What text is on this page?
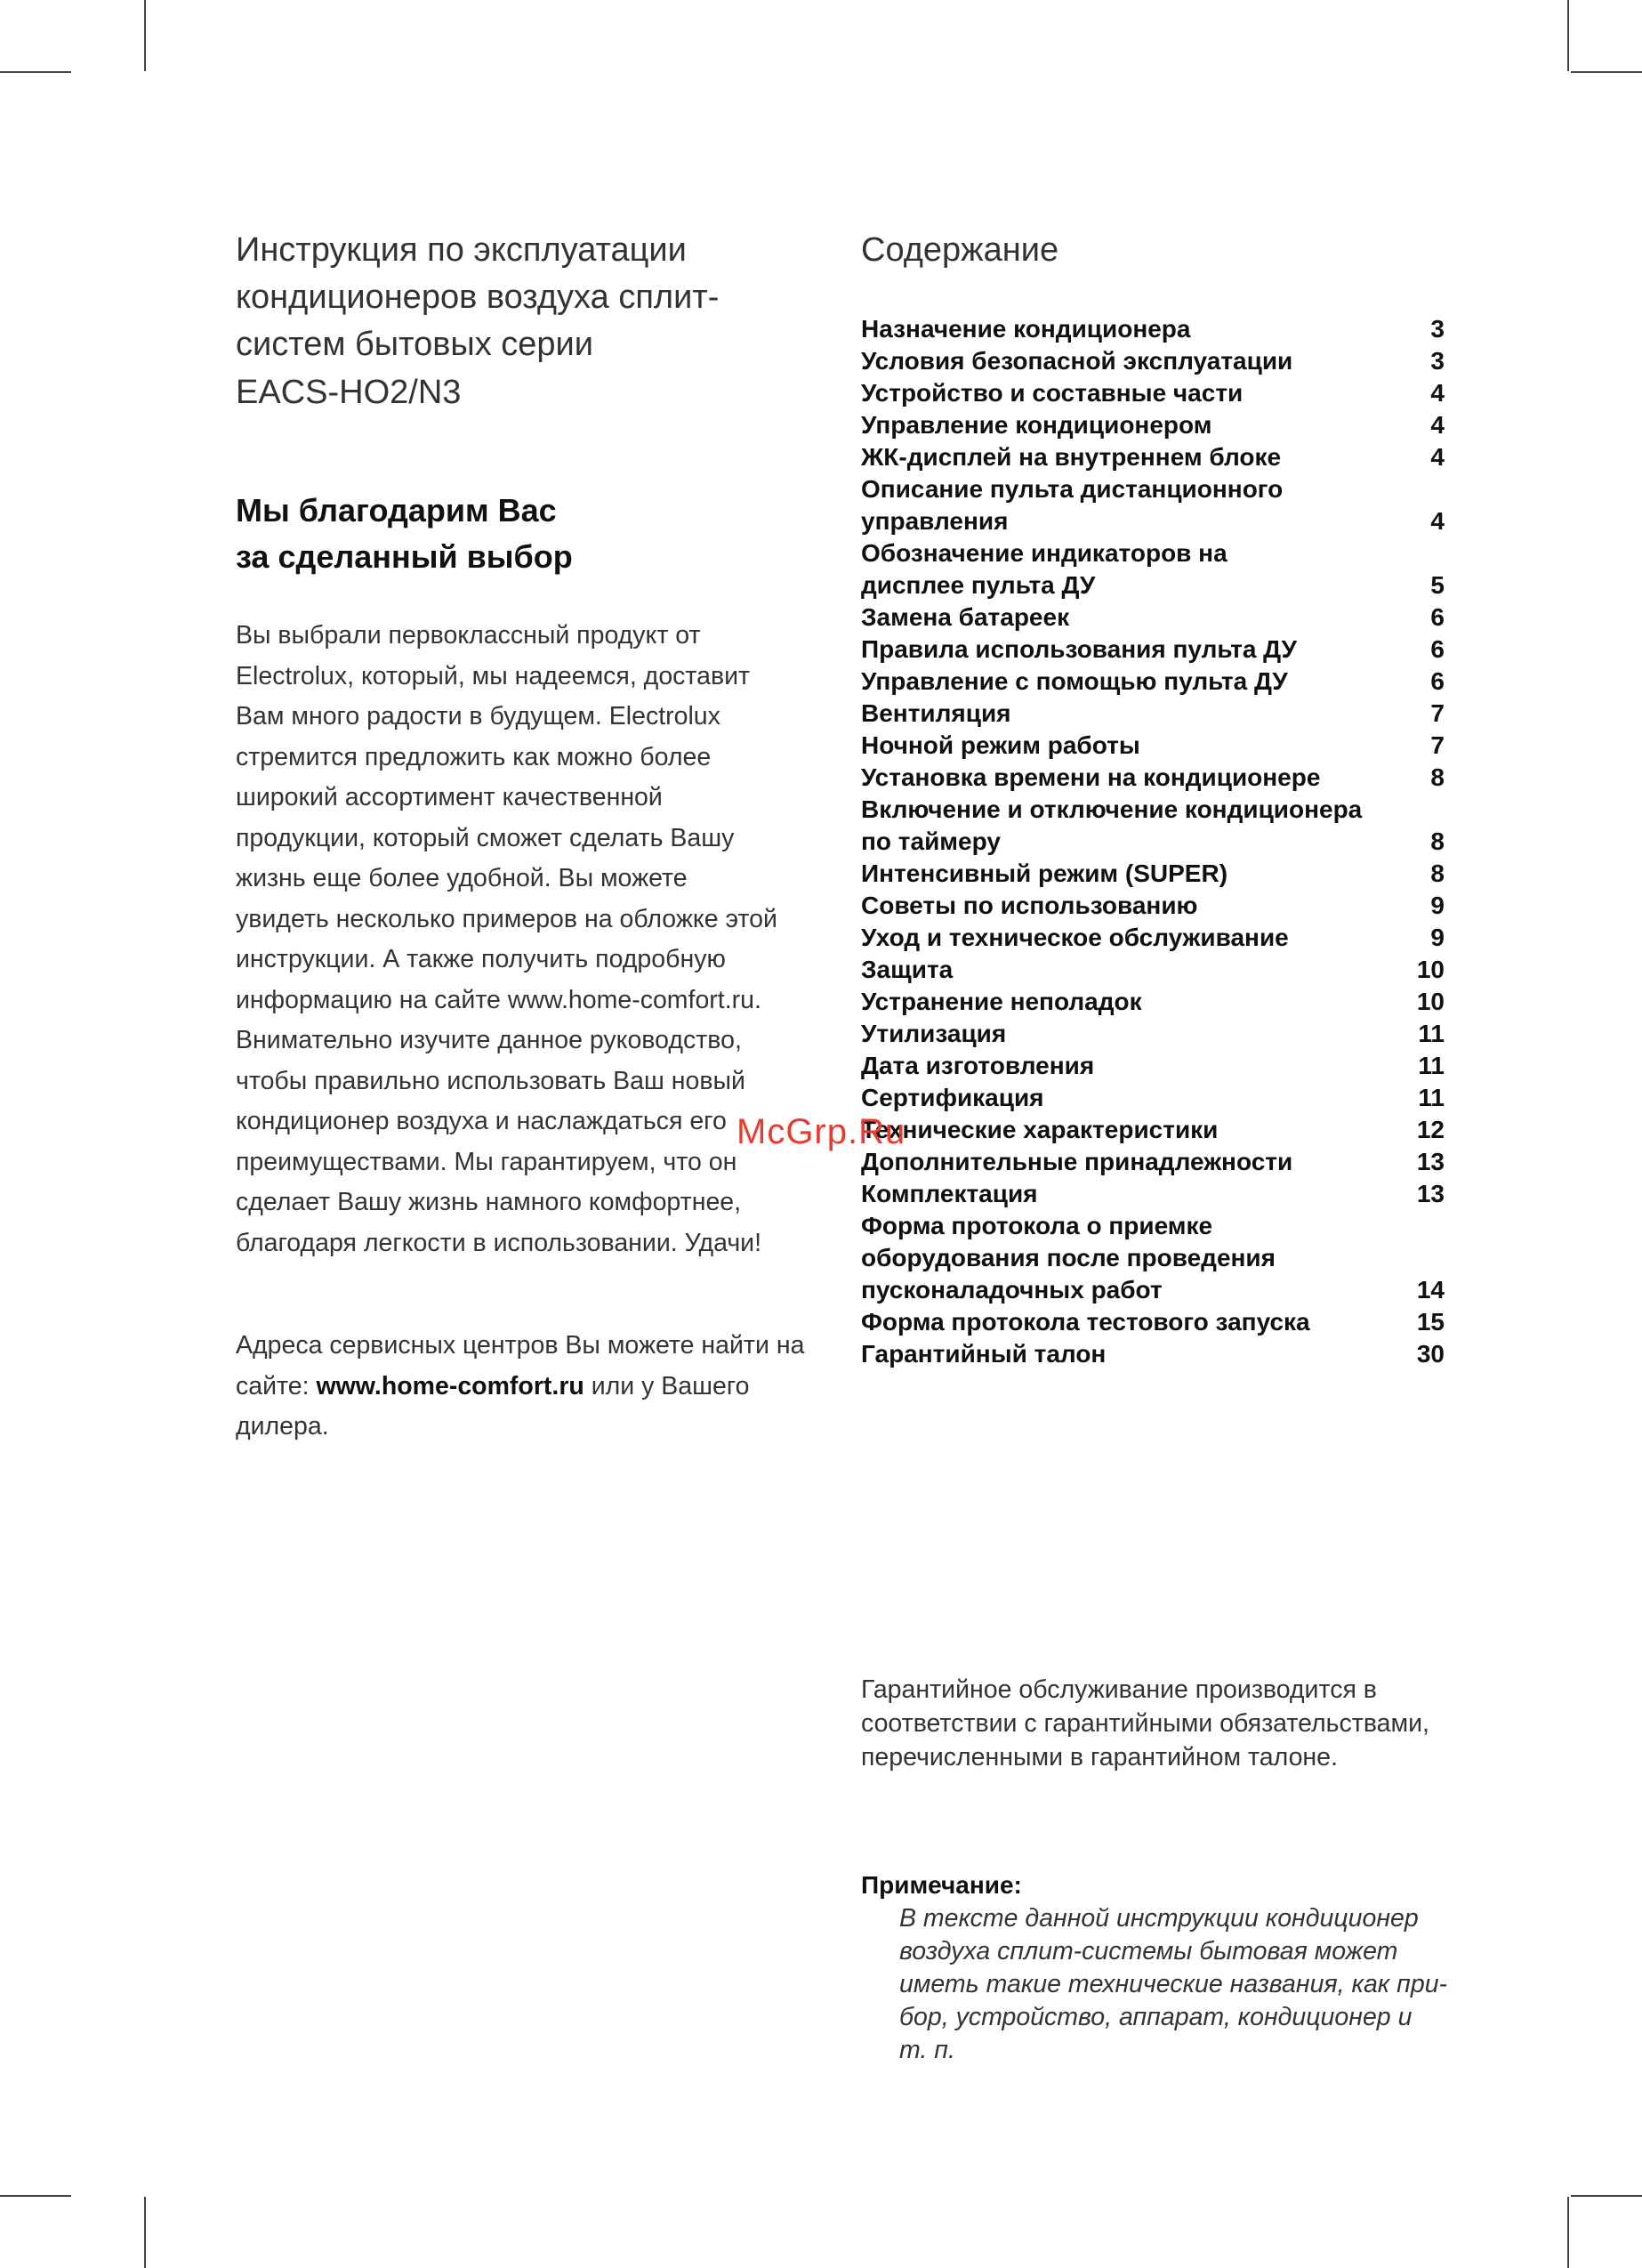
Инструкция по эксплуатации
кондиционеров воздуха сплит-
систем бытовых серии
EACS-HO2/N3
Мы благодарим Вас
за сделанный выбор

Вы выбрали первоклассный продукт от
Electrolux, который, мы надеемся, доставит
Вам много радости в будущем. Electrolux
стремится предложить как можно более
широкий ассортимент качественной
продукции, который сможет сделать Вашу
жизнь еще более удобной. Вы можете
увидеть несколько примеров на обложке этой
инструкции. А также получить подробную
информацию на сайте www.home-comfort.ru.
Внимательно изучите данное руководство,
чтобы правильно использовать Ваш новый
кондиционер воздуха и наслаждаться его
преимуществами. Мы гарантируем, что он
сделает Вашу жизнь намного комфортнее,
благодаря легкости в использовании. Удачи!

Адреса сервисных центров Вы можете найти на сайте: www.home-comfort.ru или у Вашего дилера.

Содержание
Назначение кондиционера	3
Условия безопасной эксплуатации	3
Устройство и составные части	4
Управление кондиционером	4
ЖК-дисплей на внутреннем блоке	4
Описание пульта дистанционного
управления	4
Обозначение индикаторов на
дисплее пульта ДУ	5
Замена батареек	6
Правила использования пульта ДУ	6
Управление с помощью пульта ДУ	6
Вентиляция	7
Ночной режим работы	7
Установка времени на кондиционере	8
Включение и отключение кондиционера
по таймеру	8
Интенсивный режим (SUPER)	8
Советы по использованию	9
Уход и техническое обслуживание	9
Защита	10
Устранение неполадок	10
Утилизация	11
Дата изготовления	11
Сертификация	11
Технические характеристики	12
Дополнительные принадлежности	13
Комплектация	13
Форма протокола о приемке
оборудования после проведения
пусконаладочных работ	14
Форма протокола тестового запуска	15
Гарантийный талон	30

Гарантийное обслуживание производится в
соответствии с гарантийными обязательствами,
перечисленными в гарантийном талоне.

Примечание:
В тексте данной инструкции кондиционер
воздуха сплит-системы бытовая может
иметь такие технические названия, как при-
бор, устройство, аппарат, кондиционер и
т. п.
McGrp.Ru
